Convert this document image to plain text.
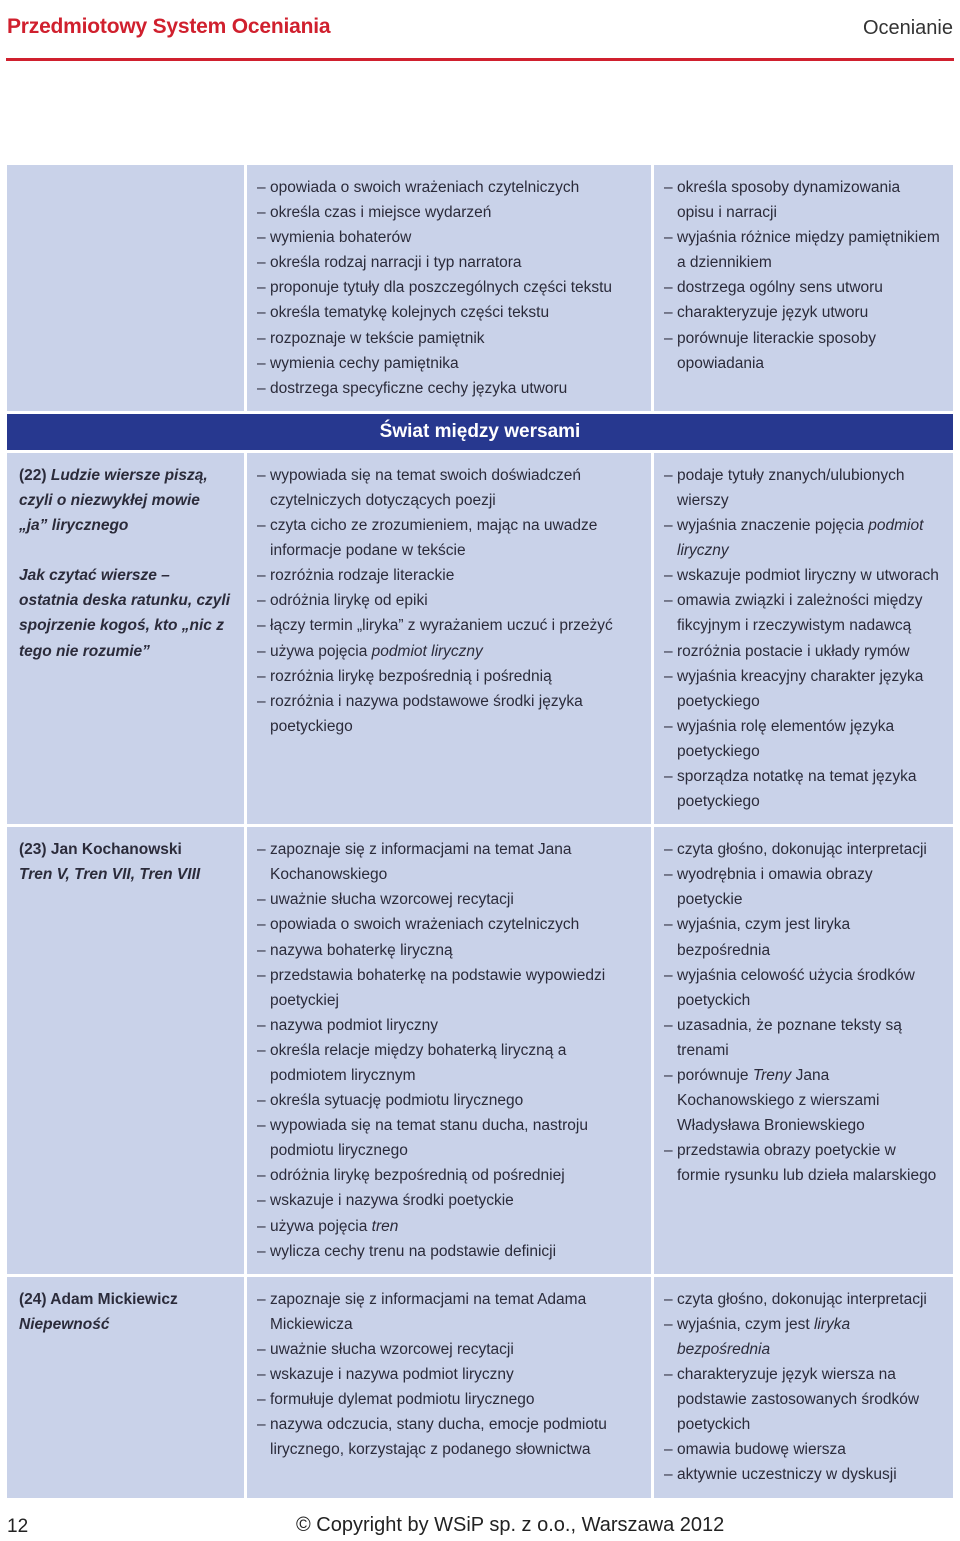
Przedmiotowy System Oceniania	Ocenianie
– opowiada o swoich wrażeniach czytelniczych
– określa czas i miejsce wydarzeń
– wymienia bohaterów
– określa rodzaj narracji i typ narratora
– proponuje tytuły dla poszczególnych części tekstu
– określa tematykę kolejnych części tekstu
– rozpoznaje w tekście pamiętnik
– wymienia cechy pamiętnika
– dostrzega specyficzne cechy języka utworu
– określa sposoby dynamizowania opisu i narracji
– wyjaśnia różnice między pamiętnikiem a dziennikiem
– dostrzega ogólny sens utworu
– charakteryzuje język utworu
– porównuje literackie sposoby opowiadania
Świat między wersami
(22) Ludzie wiersze piszą, czyli o niezwykłej mowie „ja” lirycznego
Jak czytać wiersze – ostatnia deska ratunku, czyli spojrzenie kogoś, kto „nic z tego nie rozumie”
– wypowiada się na temat swoich doświadczeń czytelniczych dotyczących poezji
– czyta cicho ze zrozumieniem, mając na uwadze informacje podane w tekście
– rozróżnia rodzaje literackie
– odróżnia lirykę od epiki
– łączy termin „liryka” z wyrażaniem uczuć i przeżyć
– używa pojęcia podmiot liryczny
– rozróżnia lirykę bezpośrednią i pośrednią
– rozróżnia i nazywa podstawowe środki języka poetyckiego
– podaje tytuły znanych/ulubionych wierszy
– wyjaśnia znaczenie pojęcia podmiot liryczny
– wskazuje podmiot liryczny w utworach
– omawia związki i zależności między fikcyjnym i rzeczywistym nadawcą
– rozróżnia postacie i układy rymów
– wyjaśnia kreacyjny charakter języka poetyckiego
– wyjaśnia rolę elementów języka poetyckiego
– sporządza notatkę na temat języka poetyckiego
(23) Jan Kochanowski
Tren V, Tren VII, Tren VIII
– zapoznaje się z informacjami na temat Jana Kochanowskiego
– uważnie słucha wzorcowej recytacji
– opowiada o swoich wrażeniach czytelniczych
– nazywa bohaterkę liryczną
– przedstawia bohaterkę na podstawie wypowiedzi poetyckiej
– nazywa podmiot liryczny
– określa relacje między bohaterką liryczną a podmiotem lirycznym
– określa sytuację podmiotu lirycznego
– wypowiada się na temat stanu ducha, nastroju podmiotu lirycznego
– odróżnia lirykę bezpośrednią od pośredniej
– wskazuje i nazywa środki poetyckie
– używa pojęcia tren
– wylicza cechy trenu na podstawie definicji
– czyta głośno, dokonując interpretacji
– wyodrębnia i omawia obrazy poetyckie
– wyjaśnia, czym jest liryka bezpośrednia
– wyjaśnia celowość użycia środków poetyckich
– uzasadnia, że poznane teksty są trenami
– porównuje Treny Jana Kochanowskiego z wierszami Władysława Broniewskiego
– przedstawia obrazy poetyckie w formie rysunku lub dzieła malarskiego
(24) Adam Mickiewicz
Niepewność
– zapoznaje się z informacjami na temat Adama Mickiewicza
– uważnie słucha wzorcowej recytacji
– wskazuje i nazywa podmiot liryczny
– formułuje dylemat podmiotu lirycznego
– nazywa odczucia, stany ducha, emocje podmiotu lirycznego, korzystając z podanego słownictwa
– czyta głośno, dokonując interpretacji
– wyjaśnia, czym jest liryka bezpośrednia
– charakteryzuje język wiersza na podstawie zastosowanych środków poetyckich
– omawia budowę wiersza
– aktywnie uczestniczy w dyskusji
12	© Copyright by WSiP sp. z o.o., Warszawa 2012
